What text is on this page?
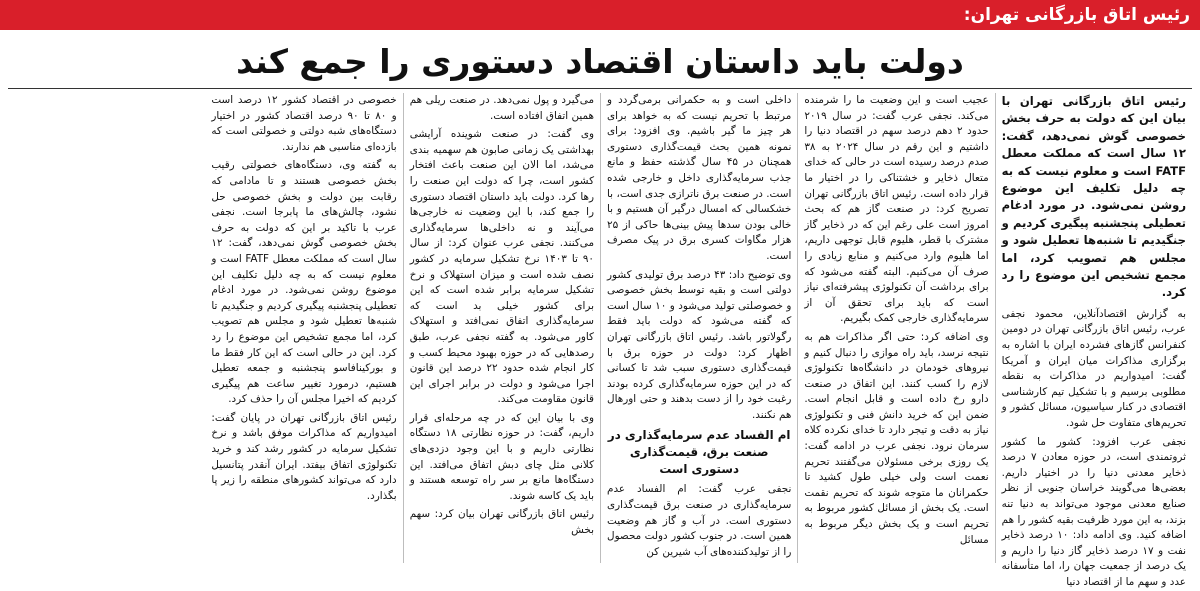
رئیس اتاق بازرگانی تهران:
دولت باید داستان اقتصاد دستوری را جمع کند

رئیس اتاق بازرگانی تهران با بیان این که دولت به حرف بخش خصوصی گوش نمی‌دهد، گفت: ۱۲ سال است که مملکت معطل FATF است و معلوم نیست که به چه دلیل تکلیف این موضوع روشن نمی‌شود. در مورد ادغام تعطیلی پنجشنبه پیگیری کردیم و جنگیدیم تا شنبه‌ها تعطیل شود و مجلس هم تصویب کرد، اما مجمع تشخیص این موضوع را رد کرد.

به گزارش اقتصادآنلاین، محمود نجفی عرب، رئیس اتاق بازرگانی تهران در دومین کنفرانس گازهای فشرده ایران با اشاره به برگزاری مذاکرات میان ایران و آمریکا گفت: امیدواریم در مذاکرات به نقطه مطلوبی برسیم و با تشکیل تیم کارشناسی اقتصادی در کنار سیاسیون، مسائل کشور و تحریم‌های متفاوت حل شود.

نجفی عرب افزود: کشور ما کشور ثروتمندی است، در حوزه معادن ۷ درصد ذخایر معدنی دنیا را در اختیار داریم. بعضی‌ها می‌گویند خراسان جنوبی از نظر صنایع معدنی موجود می‌تواند به دنیا تنه بزند، به این مورد ظرفیت بقیه کشور را هم اضافه کنید. وی ادامه داد: ۱۰ درصد ذخایر نفت و ۱۷ درصد ذخایر گاز دنیا را داریم و یک درصد از جمعیت جهان را، اما متأسفانه عدد و سهم ما از اقتصاد دنیا

عجیب است و این وضعیت ما را شرمنده می‌کند. نجفی عرب گفت: در سال ۲۰۱۹ حدود ۲ دهم درصد سهم در اقتصاد دنیا را داشتیم و این رقم در سال ۲۰۲۴ به ۳۸ صدم درصد رسیده است در حالی که خدای متعال ذخایر و خشتناکی را در اختیار ما قرار داده است. رئیس اتاق بازرگانی تهران تصریح کرد: در صنعت گاز هم که بحث امروز است علی رغم این که در ذخایر گاز مشترک با قطر، هلیوم قابل توجهی داریم، اما هلیوم وارد می‌کنیم و منابع زیادی را صرف آن می‌کنیم. البته گفته می‌شود که برای برداشت آن تکنولوژی پیشرفته‌ای نیاز است که باید برای تحقق آن از سرمایه‌گذاری خارجی کمک بگیریم.

وی اضافه کرد: حتی اگر مذاکرات هم به نتیجه نرسد، باید راه موازی را دنبال کنیم و نیروهای خودمان در دانشگاه‌ها تکنولوژی لازم را کسب کنند. این اتفاق در صنعت دارو رخ داده است و قابل انجام است. ضمن این که خرید دانش فنی و تکنولوژی نیاز به دقت و تیجر دارد تا خدای نکرده کلاه سرمان نرود. نجفی عرب در ادامه گفت: یک روزی برخی مسئولان می‌گفتند تحریم نعمت است ولی خیلی طول کشید تا حکمرانان ما متوجه شوند که تحریم نقمت است. یک بخش از مسائل کشور مربوط به تحریم است و یک بخش دیگر مربوط به مسائل

داخلی است و به حکمرانی برمی‌گردد و مرتبط با تحریم نیست که به خواهد برای هر چیز ما گیر باشیم. وی افزود: برای نمونه همین بحث قیمت‌گذاری دستوری همچنان در ۴۵ سال گذشته حفظ و مانع جذب سرمایه‌گذاری داخل و خارجی شده است. در صنعت برق ناترازی جدی است، با خشکسالی که امسال درگیر آن هستیم و با خالی بودن سدها پیش بینی‌ها حاکی از ۲۵ هزار مگاوات کسری برق در پیک مصرف است.

وی توضیح داد: ۴۳ درصد برق تولیدی کشور دولتی است و بقیه توسط بخش خصوصی و خصوصلتی تولید می‌شود و ۱۰ سال است که گفته می‌شود که دولت باید فقط رگولاتور باشد. رئیس اتاق بازرگانی تهران اظهار کرد: دولت در حوزه برق با قیمت‌گذاری دستوری سبب شد تا کسانی که در این حوزه سرمایه‌گذاری کرده بودند رغبت خود را از دست بدهند و حتی اورهال هم نکنند.

ام الفساد عدم سرمایه‌گذاری در صنعت برق، قیمت‌گذاری دستوری است

نجفی عرب گفت: ام الفساد عدم سرمایه‌گذاری در صنعت برق قیمت‌گذاری دستوری است. در آب و گاز هم وضعیت همین است. در جنوب کشور دولت محصول را از تولیدکننده‌های آب شیرین کن

می‌گیرد و پول نمی‌دهد. در صنعت ریلی هم همین اتفاق افتاده است.

وی گفت: در صنعت شوینده آرایشی بهداشتی یک زمانی صابون هم سهمیه بندی می‌شد، اما الان این صنعت باعث افتخار کشور است، چرا که دولت این صنعت را رها کرد. دولت باید داستان اقتصاد دستوری را جمع کند، با این وضعیت نه خارجی‌ها می‌آیند و نه داخلی‌ها سرمایه‌گذاری می‌کنند. نجفی عرب عنوان کرد: از سال ۹۰ تا ۱۴۰۳ نرخ تشکیل سرمایه در کشور نصف شده است و میزان استهلاک و نرخ تشکیل سرمایه برابر شده است که این برای کشور خیلی بد است که سرمایه‌گذاری اتفاق نمی‌افتد و استهلاک کاور می‌شود. به گفته نجفی عرب، طبق رصدهایی که در حوزه بهبود محیط کسب و کار انجام شده حدود ۲۲ درصد این قانون اجرا می‌شود و دولت در برابر اجرای این قانون مقاومت می‌کند.

وی با بیان این که در چه مرحله‌ای قرار داریم، گفت: در حوزه نظارتی ۱۸ دستگاه نظارتی داریم و با این وجود دزدی‌های کلانی مثل چای دبش اتفاق می‌افتد. این دستگاه‌ها مانع بر سر راه توسعه هستند و باید یک کاسه شوند.

رئیس اتاق بازرگانی تهران بیان کرد: سهم بخش

خصوصی در اقتصاد کشور ۱۲ درصد است و ۸۰ تا ۹۰ درصد اقتصاد کشور در اختیار دستگاه‌های شبه دولتی و خصولتی است که بازده‌ای مناسبی هم ندارند.

به گفته وی، دستگاه‌های خصولتی رقیب بخش خصوصی هستند و تا مادامی که رقابت بین دولت و بخش خصوصی حل نشود، چالش‌های ما پابرجا است. نجفی عرب با تاکید بر این که دولت به حرف بخش خصوصی گوش نمی‌دهد، گفت: ۱۲ سال است که مملکت معطل FATF است و معلوم نیست که به چه دلیل تکلیف این موضوع روشن نمی‌شود. در مورد ادغام تعطیلی پنجشنبه پیگیری کردیم و جنگیدیم تا شنبه‌ها تعطیل شود و مجلس هم تصویب کرد، اما مجمع تشخیص این موضوع را رد کرد. این در حالی است که این کار فقط ما و بورکینافاسو پنجشنبه و جمعه تعطیل هستیم، درمورد تغییر ساعت هم پیگیری کردیم که اخیرا مجلس آن را حذف کرد.

رئیس اتاق بازرگانی تهران در پایان گفت: امیدواریم که مذاکرات موفق باشد و نرخ تشکیل سرمایه در کشور رشد کند و خرید تکنولوژی اتفاق بیفتد. ایران آنقدر پتانسیل دارد که می‌تواند کشورهای منطقه را زیر پا بگذارد.
